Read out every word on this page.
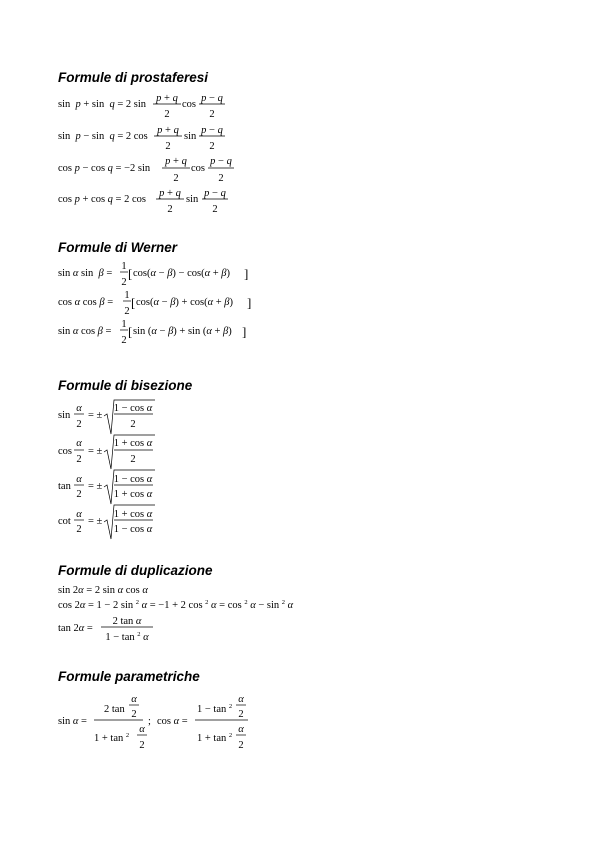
Formule di prostaferesi
Formule di Werner
Formule di bisezione
Formule di duplicazione
Formule parametriche
sin  p + sin  q = 2 sin
p + q
2
cos
p − q
2
sin  p − sin  q = 2 cos
p + q
2
sin
p − q
2
cos p − cos q = −2 sin
p + q
2
cos
p − q
2
cos p + cos q = 2 cos
p + q
2
sin
p − q
2
sin α sin  β =
1
2
[ cos(α − β) − cos(α + β) ]
cos α cos β =
1
2
[ cos(α − β) + cos(α + β) ]
sin α cos β =
1
2
[ sin (α − β) + sin (α + β) ]
sin
α
2
= ±
1 − cos α
2
cos
α
2
= ±
1 + cos α
2
tan
α
2
= ±
1 − cos α
1 + cos α
cot
α
2
= ±
1 + cos α
1 − cos α
sin 2α = 2 sin α cos α
cos 2α = 1 − 2 sin $^2$ α = −1 + 2 cos $^2$ α = cos $^2$ α − sin $^2$ α
tan 2α =
2 tan α
1 − tan $^2$ α
sin α =
2 tan
α
2
1 + tan $^2$
α
2
; cos α =
1 − tan $^2$
α
2
1 + tan $^2$
α
2
